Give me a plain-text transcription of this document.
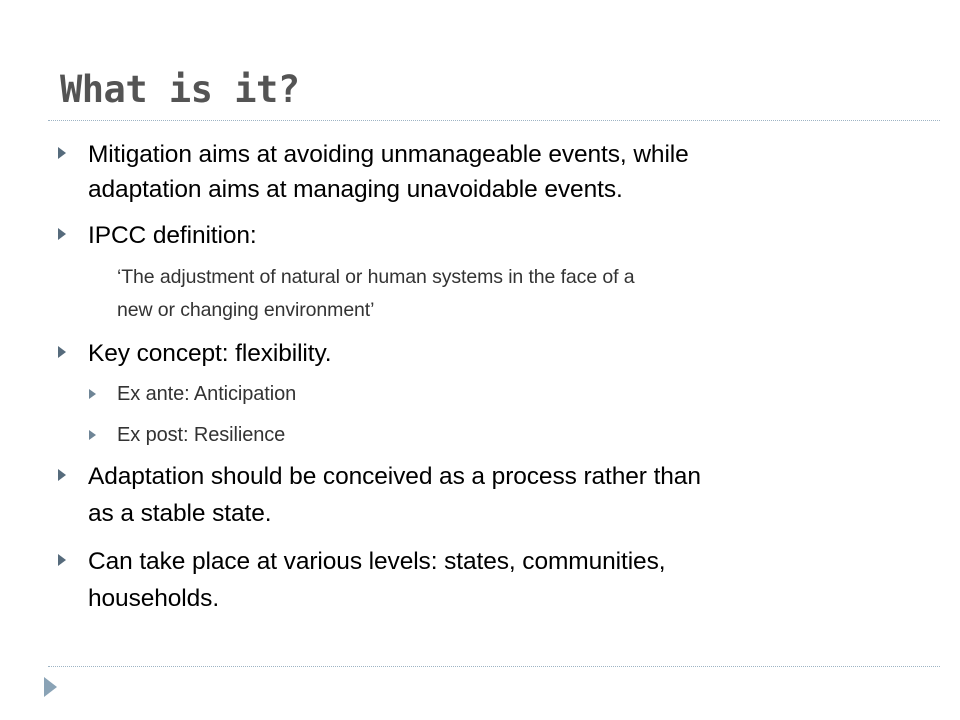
What is it?
Mitigation aims at avoiding unmanageable events, while
adaptation aims at managing unavoidable events.
IPCC definition:
‘The adjustment of natural or human systems in the face of a
new or changing environment’
Key concept: flexibility.
Ex ante: Anticipation
Ex post: Resilience
Adaptation should be conceived as a process rather than
as a stable state.
Can take place at various levels: states, communities,
households.
